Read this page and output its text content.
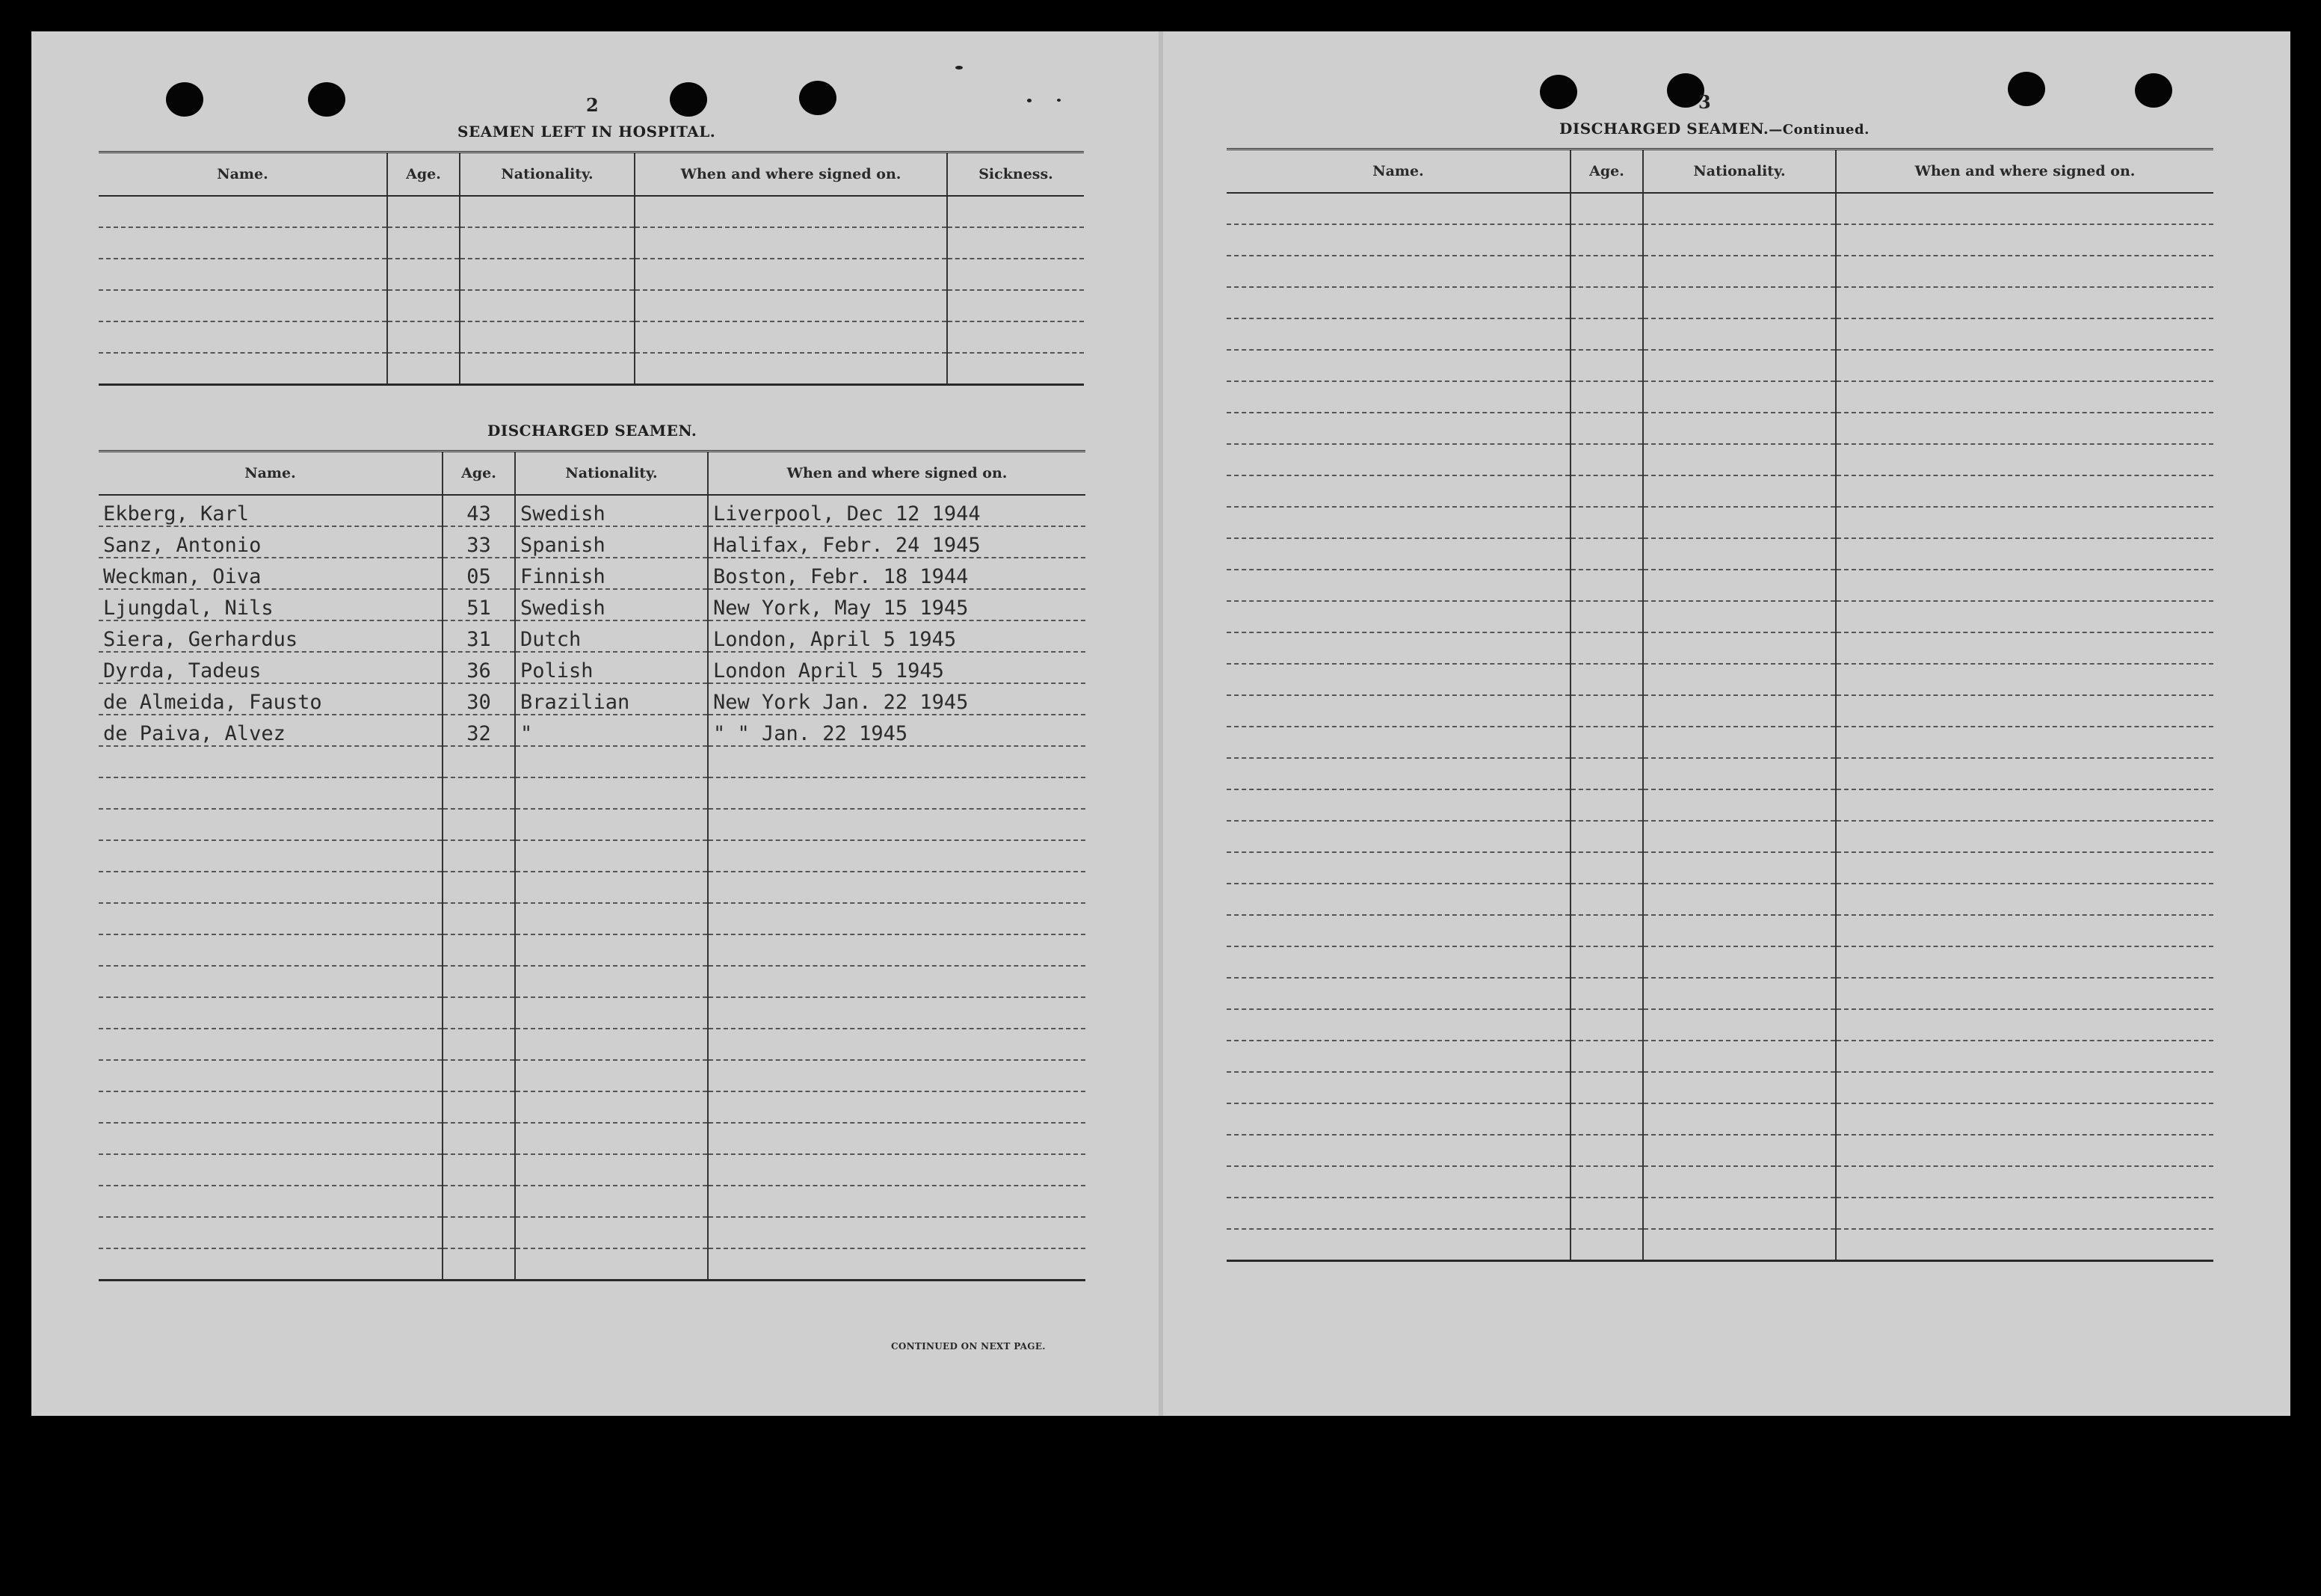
2
SEAMEN LEFT IN HOSPITAL.
Name.	Age.	Nationality.	When and where signed on.	Sickness.

DISCHARGED SEAMEN.
Name.	Age.	Nationality.	When and where signed on.
Ekberg, Karl	43	Swedish	Liverpool, Dec 12 1944
Sanz, Antonio	33	Spanish	Halifax, Febr. 24 1945
Weckman, Oiva	05	Finnish	Boston, Febr. 18 1944
Ljungdal, Nils	51	Swedish	New York, May 15 1945
Siera, Gerhardus	31	Dutch	London, April 5 1945
Dyrda, Tadeus	36	Polish	London April 5 1945
de Almeida, Fausto	30	Brazilian	New York Jan. 22 1945
de Paiva, Alvez	32	"	" " Jan. 22 1945

CONTINUED ON NEXT PAGE.
3
DISCHARGED SEAMEN.—Continued.
Name.	Age.	Nationality.	When and where signed on.
